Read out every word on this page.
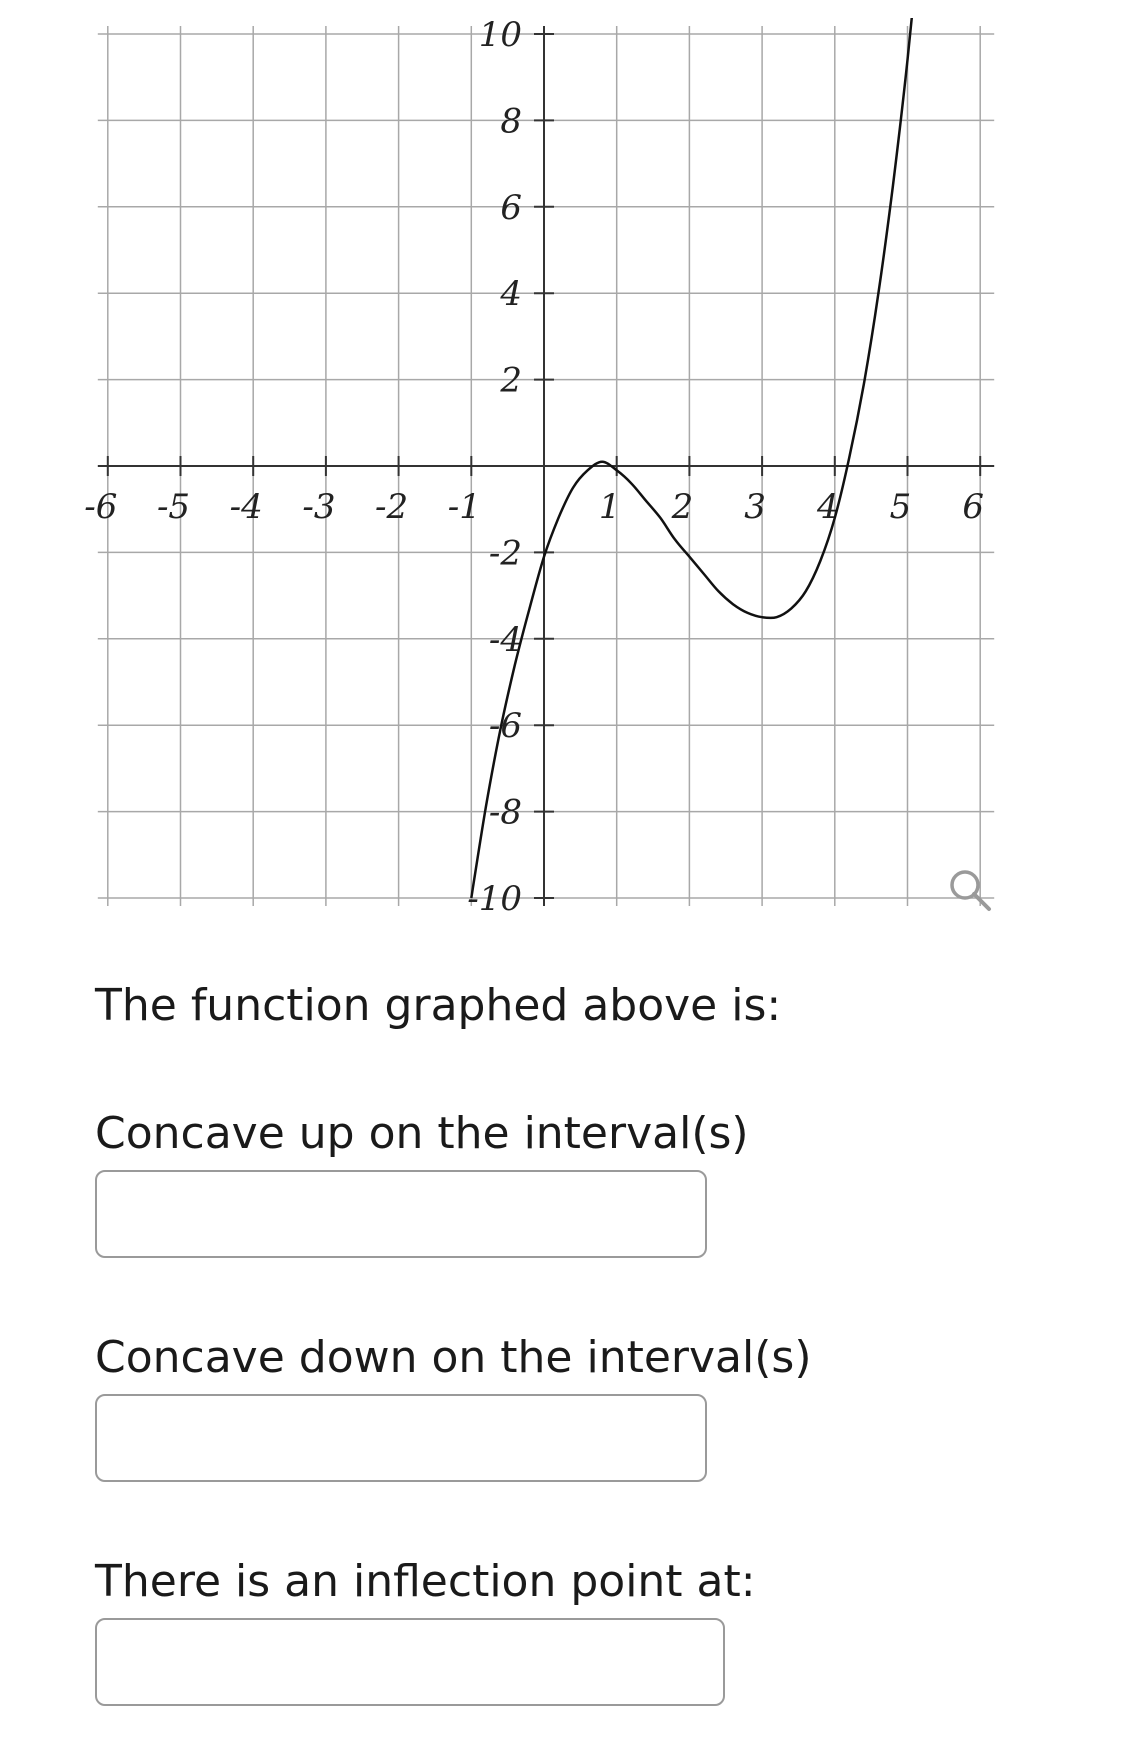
-6 -5 -4 -3 -2 -1	1 2 3 4 5 6
10
8
6
4
2
-2
-4
-6
-8
-10

The function graphed above is:

Concave up on the interval(s)

Concave down on the interval(s)

There is an inflection point at:
